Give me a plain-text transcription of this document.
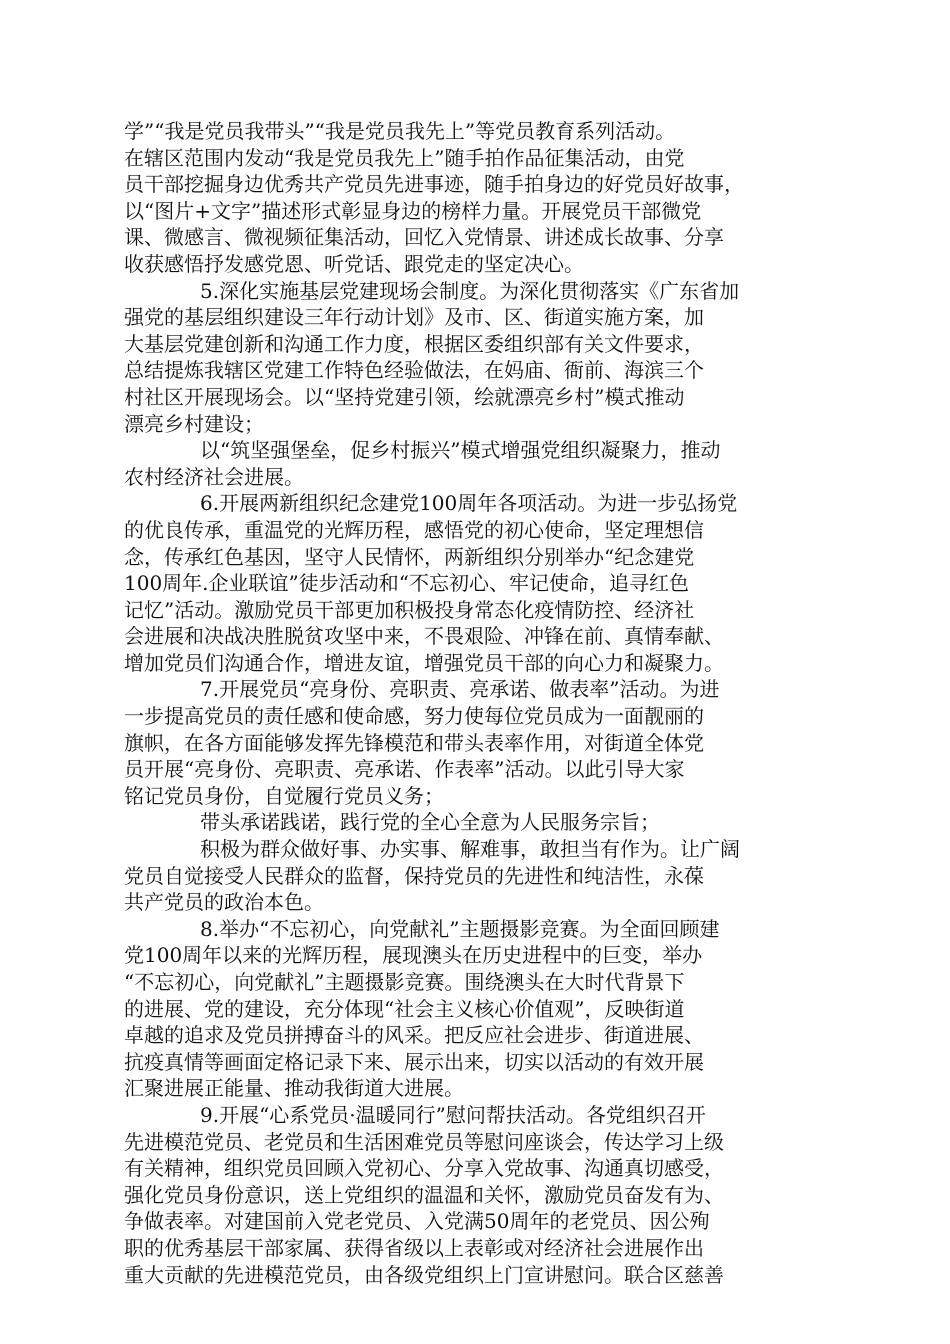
学”“我是党员我带头”“我是党员我先上”等党员教育系列活动。
在辖区范围内发动“我是党员我先上”随手拍作品征集活动，由党
员干部挖掘身边优秀共产党员先进事迹，随手拍身边的好党员好故事，
以“图片+文字”描述形式彰显身边的榜样力量。开展党员干部微党
课、微感言、微视频征集活动，回忆入党情景、讲述成长故事、分享
收获感悟抒发感党恩、听党话、跟党走的坚定决心。
5.深化实施基层党建现场会制度。为深化贯彻落实《广东省加
强党的基层组织建设三年行动计划》及市、区、街道实施方案，加
大基层党建创新和沟通工作力度，根据区委组织部有关文件要求，
总结提炼我辖区党建工作特色经验做法，在妈庙、衙前、海滨三个
村社区开展现场会。以“坚持党建引领，绘就漂亮乡村”模式推动
漂亮乡村建设；
以“筑坚强堡垒，促乡村振兴”模式增强党组织凝聚力，推动
农村经济社会进展。
6.开展两新组织纪念建党100周年各项活动。为进一步弘扬党
的优良传承，重温党的光辉历程，感悟党的初心使命，坚定理想信
念，传承红色基因，坚守人民情怀，两新组织分别举办“纪念建党
100周年.企业联谊”徒步活动和“不忘初心、牢记使命，追寻红色
记忆”活动。激励党员干部更加积极投身常态化疫情防控、经济社
会进展和决战决胜脱贫攻坚中来，不畏艰险、冲锋在前、真情奉献、
增加党员们沟通合作，增进友谊，增强党员干部的向心力和凝聚力。
7.开展党员“亮身份、亮职责、亮承诺、做表率”活动。为进
一步提高党员的责任感和使命感，努力使每位党员成为一面靓丽的
旗帜，在各方面能够发挥先锋模范和带头表率作用，对街道全体党
员开展“亮身份、亮职责、亮承诺、作表率”活动。以此引导大家
铭记党员身份，自觉履行党员义务；
带头承诺践诺，践行党的全心全意为人民服务宗旨；
积极为群众做好事、办实事、解难事，敢担当有作为。让广阔
党员自觉接受人民群众的监督，保持党员的先进性和纯洁性，永葆
共产党员的政治本色。
8.举办“不忘初心，向党献礼”主题摄影竞赛。为全面回顾建
党100周年以来的光辉历程，展现澳头在历史进程中的巨变，举办
“不忘初心，向党献礼”主题摄影竞赛。围绕澳头在大时代背景下
的进展、党的建设，充分体现“社会主义核心价值观”，反映街道
卓越的追求及党员拼搏奋斗的风采。把反应社会进步、街道进展、
抗疫真情等画面定格记录下来、展示出来，切实以活动的有效开展
汇聚进展正能量、推动我街道大进展。
9.开展“心系党员·温暖同行”慰问帮扶活动。各党组织召开
先进模范党员、老党员和生活困难党员等慰问座谈会，传达学习上级
有关精神，组织党员回顾入党初心、分享入党故事、沟通真切感受，
强化党员身份意识，送上党组织的温温和关怀，激励党员奋发有为、
争做表率。对建国前入党老党员、入党满50周年的老党员、因公殉
职的优秀基层干部家属、获得省级以上表彰或对经济社会进展作出
重大贡献的先进模范党员，由各级党组织上门宣讲慰问。联合区慈善
